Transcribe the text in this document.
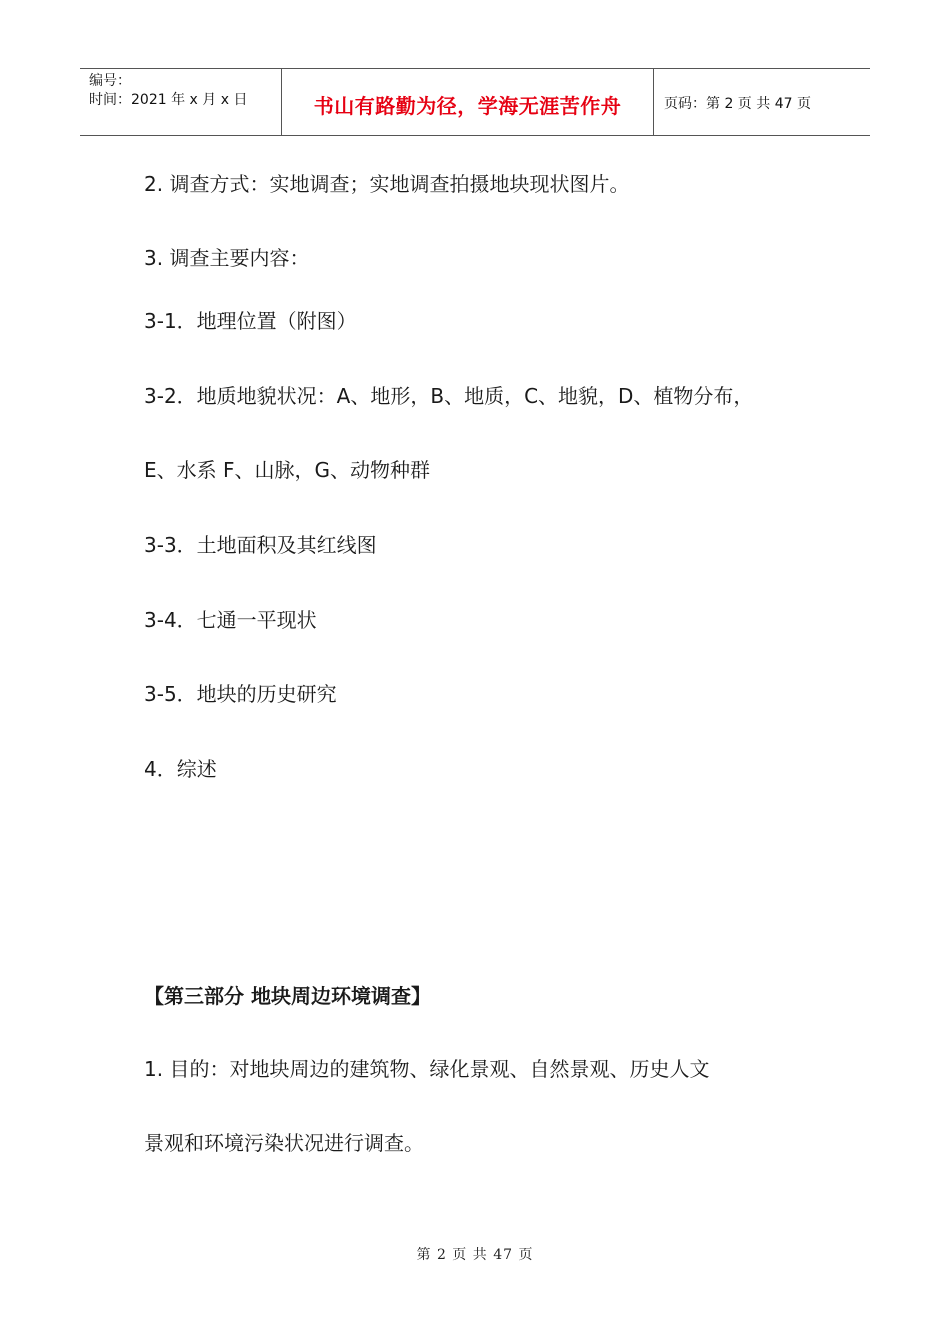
编号：
时间：2021 年 x 月 x 日	书山有路勤为径，学海无涯苦作舟	页码：第 2 页 共 47 页
2. 调查方式：实地调查；实地调查拍摄地块现状图片。
3. 调查主要内容：
3-1．地理位置（附图）
3-2．地质地貌状况：A、地形，B、地质，C、地貌，D、植物分布，
E、水系 F、山脉，G、动物种群
3-3．土地面积及其红线图
3-4．七通一平现状
3-5．地块的历史研究
4．综述
【第三部分 地块周边环境调查】
1. 目的：对地块周边的建筑物、绿化景观、自然景观、历史人文
景观和环境污染状况进行调查。
第 2 页 共 47 页
